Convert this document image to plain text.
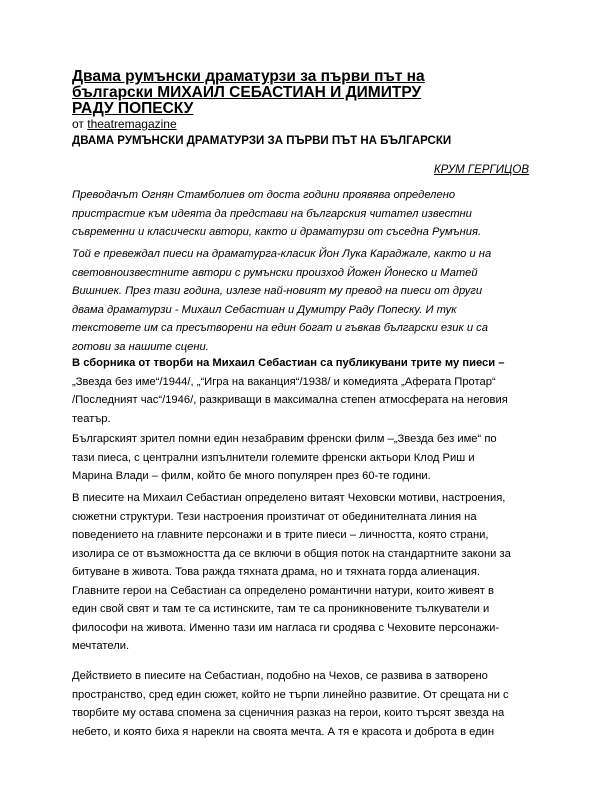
Двама румънски драматурзи за първи път на
български МИХАИЛ СЕБАСТИАН И ДИМИТРУ
РАДУ ПОПЕСКУ
от theatremagazine
ДВАМА РУМЪНСКИ ДРАМАТУРЗИ ЗА ПЪРВИ ПЪТ НА БЪЛГАРСКИ
КРУМ ГЕРГИЦОВ
Преводачът Огнян Стамболиев от доста години проявява определено
пристрастие към идеята да представи на българския читател известни
съвременни и класически автори, както и драматурзи от съседна Румъния.
Той е превеждал пиеси на драматурга-класик Йон Лука Караджале, както и на
световноизвестните автори с румънски произход Йожен Йонеско и Матей
Вишниек. През тази година, излезе най-новият му превод на пиеси от други
двама драматурзи - Михаил Себастиан и Думитру Раду Попеску. И тук
текстовете им са пресътворени на един богат и гъвкав български език и са
готови за нашите сцени.
В сборника от творби на Михаил Себастиан са публикувани трите му пиеси –
„Звезда без име“/1944/, „“Игра на ваканция“/1938/ и комедията „Аферата Протар“
/Последният час“/1946/, разкриващи в максимална степен атмосферата на неговия
театър.
Българският зрител помни един незабравим френски филм –„Звезда без име“ по
тази пиеса, с централни изпълнители големите френски актьори Клод Риш и
Марина Влади – филм, който бе много популярен през 60-те години.
В пиесите на Михаил Себастиан определено витаят Чеховски мотиви, настроения,
сюжетни структури. Тези настроения произтичат от обединителната линия на
поведението на главните персонажи и в трите пиеси – личността, която страни,
изолира се от възможността да се включи в общия поток на стандартните закони за
битуване в живота. Това ражда тяхната драма, но и тяхната горда алиенация.
Главните герои на Себастиан са определено романтични натури, които живеят в
един свой свят и там те са истинските, там те са проникновените тълкуватели и
философи на живота. Именно тази им нагласа ги сродява с Чеховите персонажи-
мечтатели.
Действието в пиесите на Себастиан, подобно на Чехов, се развива в затворено
пространство, сред един сюжет, който не търпи линейно развитие. От срещата ни с
творбите му остава спомена за сценичния разказ на герои, които търсят звезда на
небето, и която биха я нарекли на своята мечта. А тя е красота и доброта в един
